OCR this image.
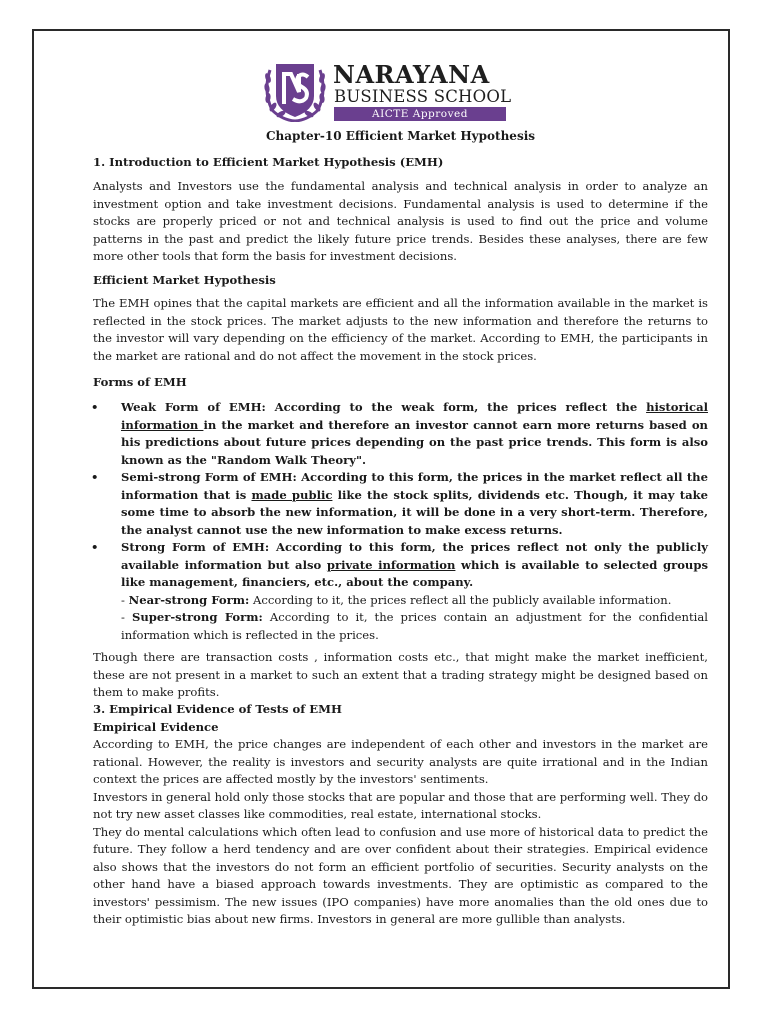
NARAYANA
BUSINESS SCHOOL
AICTE Approved
Chapter-10 Efficient Market Hypothesis

1. Introduction to Efficient Market Hypothesis (EMH)

Analysts and Investors use the fundamental analysis and technical analysis in order to analyze an investment option and take investment decisions. Fundamental analysis is used to determine if the stocks are properly priced or not and technical analysis is used to find out the price and volume patterns in the past and predict the likely future price trends. Besides these analyses, there are few more other tools that form the basis for investment decisions.

Efficient Market Hypothesis

The EMH opines that the capital markets are efficient and all the information available in the market is reflected in the stock prices. The market adjusts to the new information and therefore the returns to the investor will vary depending on the efficiency of the market. According to EMH, the participants in the market are rational and do not affect the movement in the stock prices.

Forms of EMH

• Weak Form of EMH: According to the weak form, the prices reflect the historical information in the market and therefore an investor cannot earn more returns based on his predictions about future prices depending on the past price trends. This form is also known as the "Random Walk Theory".
• Semi-strong Form of EMH: According to this form, the prices in the market reflect all the information that is made public like the stock splits, dividends etc. Though, it may take some time to absorb the new information, it will be done in a very short-term. Therefore, the analyst cannot use the new information to make excess returns.
• Strong Form of EMH: According to this form, the prices reflect not only the publicly available information but also private information which is available to selected groups like management, financiers, etc., about the company.
- Near-strong Form: According to it, the prices reflect all the publicly available information.
- Super-strong Form: According to it, the prices contain an adjustment for the confidential information which is reflected in the prices.

Though there are transaction costs , information costs etc., that might make the market inefficient, these are not present in a market to such an extent that a trading strategy might be designed based on them to make profits.

3. Empirical Evidence of Tests of EMH

Empirical Evidence

According to EMH, the price changes are independent of each other and investors in the market are rational. However, the reality is investors and security analysts are quite irrational and in the Indian context the prices are affected mostly by the investors' sentiments.

Investors in general hold only those stocks that are popular and those that are performing well. They do not try new asset classes like commodities, real estate, international stocks.

They do mental calculations which often lead to confusion and use more of historical data to predict the future. They follow a herd tendency and are over confident about their strategies. Empirical evidence also shows that the investors do not form an efficient portfolio of securities. Security analysts on the other hand have a biased approach towards investments. They are optimistic as compared to the investors' pessimism. The new issues (IPO companies) have more anomalies than the old ones due to their optimistic bias about new firms. Investors in general are more gullible than analysts.
